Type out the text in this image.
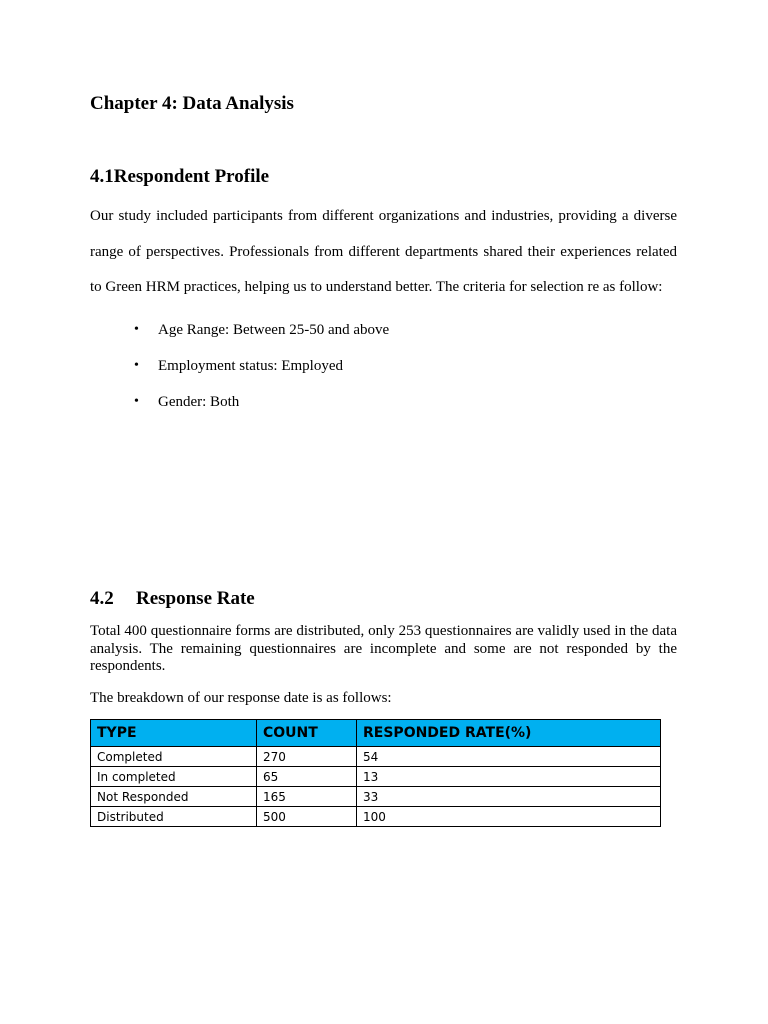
Chapter 4: Data Analysis
4.1Respondent Profile

Our study included participants from different organizations and industries, providing a diverse range of perspectives. Professionals from different departments shared their experiences related to Green HRM practices, helping us to understand better. The criteria for selection re as follow:

• Age Range: Between 25-50 and above
• Employment status: Employed
• Gender: Both
4.2 Response Rate

Total 400 questionnaire forms are distributed, only 253 questionnaires are validly used in the data analysis. The remaining questionnaires are incomplete and some are not responded by the respondents.

The breakdown of our response date is as follows:

TYPE	COUNT	RESPONDED RATE(%)
Completed	270	54
In completed	65	13
Not Responded	165	33
Distributed	500	100
